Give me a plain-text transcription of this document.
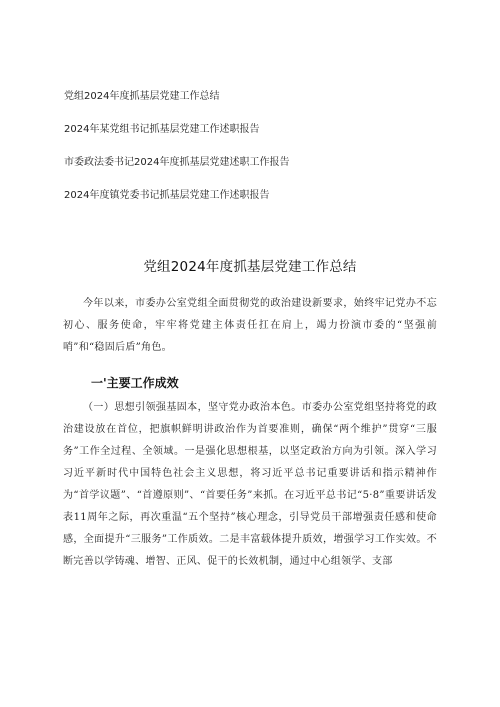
党组2024年度抓基层党建工作总结
2024年某党组书记抓基层党建工作述职报告
市委政法委书记2024年度抓基层党建述职工作报告
2024年度镇党委书记抓基层党建工作述职报告
党组2024年度抓基层党建工作总结
今年以来，市委办公室党组全面贯彻党的政治建设新要求，始终牢记党办不忘初心、服务使命，牢牢将党建主体责任扛在肩上，竭力扮演市委的“坚强前哨”和“稳固后盾”角色。
一'主要工作成效
（一）思想引领强基固本，坚守党办政治本色。市委办公室党组坚持将党的政治建设放在首位，把旗帜鲜明讲政治作为首要准则，确保“两个维护”贯穿“三服务”工作全过程、全领域。一是强化思想根基，以坚定政治方向为引领。深入学习习近平新时代中国特色社会主义思想，将习近平总书记重要讲话和指示精神作为“首学议题”、“首遵原则”、“首要任务”来抓。在习近平总书记“5·8”重要讲话发表11周年之际，再次重温“五个坚持”核心理念，引导党员干部增强责任感和使命感，全面提升“三服务”工作质效。二是丰富载体提升质效，增强学习工作实效。不断完善以学铸魂、增智、正风、促干的长效机制，通过中心组领学、支部
